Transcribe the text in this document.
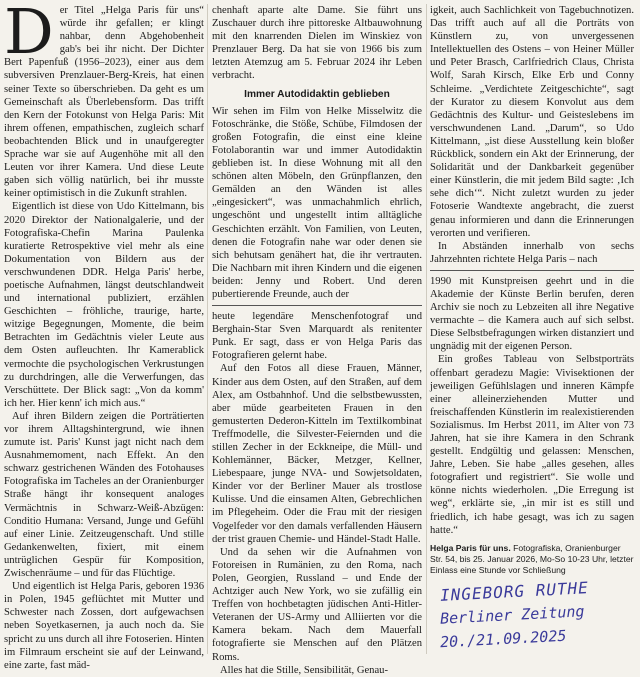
Der Titel „Helga Paris für uns“ würde ihr gefallen; er klingt nahbar, denn Abgehobenheit gab's bei ihr nicht. Der Dichter Bert Papenfuß (1956–2023), einer aus dem subversiven Prenzlauer-Berg-Kreis, hat einen seiner Texte so überschrieben. Da geht es um Gemeinschaft als Überlebensform. Das trifft den Kern der Fotokunst von Helga Paris: Mit ihrem offenen, empathischen, zugleich scharf beobachtenden Blick und in unaufgeregter Sprache war sie auf Augenhöhe mit all den Leuten vor ihrer Kamera. Und diese Leute gaben sich völlig natürlich, bei ihr musste keiner optimistisch in die Zukunft strahlen.

Eigentlich ist diese von Udo Kittelmann, bis 2020 Direktor der Nationalgalerie, und der Fotografiska-Chefin Marina Paulenka kuratierte Retrospektive viel mehr als eine Dokumentation von Bildern aus der verschwundenen DDR. Helga Paris' herbe, poetische Aufnahmen, längst deutschlandweit und international publiziert, erzählen Geschichten – fröhliche, traurige, harte, witzige Begegnungen, Momente, die beim Betrachten im Gedächtnis vieler Leute aus dem Osten aufleuchten. Ihr Kamerablick vermochte die psychologischen Verkrustungen zu durchdringen, alle die Verwerfungen, das Verschüttete. Der Blick sagt: „Von da komm' ich her. Hier kenn' ich mich aus.“

Auf ihren Bildern zeigen die Porträtierten vor ihrem Alltagshintergrund, wie ihnen zumute ist. Paris' Kunst jagt nicht nach dem Ausnahmemoment, nach Effekt. An den schwarz gestrichenen Wänden des Fotohauses Fotografiska im Tacheles an der Oranienburger Straße hängt ihr konsequent analoges Vermächtnis in Schwarz-Weiß-Abzügen: Conditio Humana: Versand, Junge und Gefühl auf einer Linie. Zeitzeugenschaft. Und stille Gedankenwelten, fixiert, mit einem untrüglichen Gespür für Komposition, Zwischenräume – und für das Flüchtige.

Und eigentlich ist Helga Paris, geboren 1936 in Polen, 1945 geflüchtet mit Mutter und Schwester nach Zossen, dort aufgewachsen neben Soyetkasernen, ja auch noch da. Sie spricht zu uns durch all ihre Fotoserien. Hinten im Filmraum erscheint sie auf der Leinwand, eine zarte, fast mäd-

chenhaft aparte alte Dame. Sie führt uns Zuschauer durch ihre pittoreske Altbauwohnung mit den knarrenden Dielen im Winskiez von Prenzlauer Berg. Da hat sie von 1966 bis zum letzten Atemzug am 5. Februar 2024 ihr Leben verbracht.

Immer Autodidaktin geblieben

Wir sehen im Film von Helke Misselwitz die Fotoschränke, die Stöße, Schübe, Filmdosen der großen Fotografin, die einst eine kleine Fotolaborantin war und immer Autodidaktin geblieben ist. In diese Wohnung mit all den schönen alten Möbeln, den Grünpflanzen, den Gemälden an den Wänden ist alles „eingesickert“, was unmachahmlich ehrlich, ungeschönt und ungestellt intim alltägliche Geschichten erzählt. Von Familien, von Leuten, denen die Fotografin nahe war oder denen sie sich behutsam genähert hat, die ihr vertrauten. Die Nachbarn mit ihren Kindern und die eigenen beiden: Jenny und Robert. Und deren pubertierende Freunde, auch der

heute legendäre Menschenfotograf und Berghain-Star Sven Marquardt als renitenter Punk. Er sagt, dass er von Helga Paris das Fotografieren gelernt habe.

Auf den Fotos all diese Frauen, Männer, Kinder aus dem Osten, auf den Straßen, auf dem Alex, am Ostbahnhof. Und die selbstbewussten, aber müde gearbeiteten Frauen in den gemusterten Dederon-Kitteln im Textilkombinat Treffmodelle, die Silvester-Feiernden und die stillen Zecher in der Eckkneipe, die Müll- und Kohlemänner, Bäcker, Metzger, Kellner, Liebespaare, junge NVA- und Sowjetsoldaten, Kinder vor der Berliner Mauer als trostlose Kulisse. Und die einsamen Alten, Gebrechlichen im Pflegeheim. Oder die Frau mit der riesigen Vogelfeder vor den damals verfallenden Häusern der trist grauen Chemie- und Händel-Stadt Halle.

Und da sehen wir die Aufnahmen von Fotoreisen in Rumänien, zu den Roma, nach Polen, Georgien, Russland – und Ende der Achtziger auch New York, wo sie zufällig ein Treffen von hochbetagten jüdischen Anti-Hitler-Veteranen der US-Army und Alliierten vor die Kamera bekam. Nach dem Mauerfall fotografierte sie Menschen auf den Plätzen Roms.

Alles hat die Stille, Sensibilität, Genau-

igkeit, auch Sachlichkeit von Tagebuchnotizen. Das trifft auch auf all die Porträts von Künstlern zu, von unvergessenen Intellektuellen des Ostens – von Heiner Müller und Peter Brasch, Carlfriedrich Claus, Christa Wolf, Sarah Kirsch, Elke Erb und Conny Schleime. „Verdichtete Zeitgeschichte“, sagt der Kurator zu diesem Konvolut aus dem Gedächtnis des Kultur- und Geisteslebens im verschwundenen Land. „Darum“, so Udo Kittelmann, „ist diese Ausstellung kein bloßer Rückblick, sondern ein Akt der Erinnerung, der Solidarität und der Dankbarkeit gegenüber einer Künstlerin, die mit jedem Bild sagte: ‚Ich sehe dich‘“. Nicht zuletzt wurden zu jeder Fotoserie Wandtexte angebracht, die zuerst genau informieren und dann die Erinnerungen verorten und verifieren.

In Abständen innerhalb von sechs Jahrzehnten richtete Helga Paris – nach

1990 mit Kunstpreisen geehrt und in die Akademie der Künste Berlin berufen, deren Archiv sie noch zu Lebzeiten all ihre Negative vermachte – die Kamera auch auf sich selbst. Diese Selbstbefragungen wirken distanziert und ungnädig mit der eigenen Person.

Ein großes Tableau von Selbstporträts offenbart geradezu Magie: Vivisektionen der jeweiligen Gefühlslagen und inneren Kämpfe einer alleinerziehenden Mutter und freischaffenden Künstlerin im realexistierenden Sozialismus. Im Herbst 2011, im Alter von 73 Jahren, hat sie ihre Kamera in den Schrank gestellt. Endgültig und gelassen: Menschen, Jahre, Leben. Sie habe „alles gesehen, alles fotografiert und registriert“. Sie wolle und könne nichts wiederholen. „Die Erregung ist weg“, erklärte sie, „in mir ist es still und friedlich, ich habe gesagt, was ich zu sagen hatte.“

Helga Paris für uns. Fotografiska, Oranienburger Str. 54, bis 25. Januar 2026, Mo-So 10-23 Uhr, letzter Einlass eine Stunde vor Schließung
INGEBORG RUTHE
Berliner Zeitung
20./21.09.2025
